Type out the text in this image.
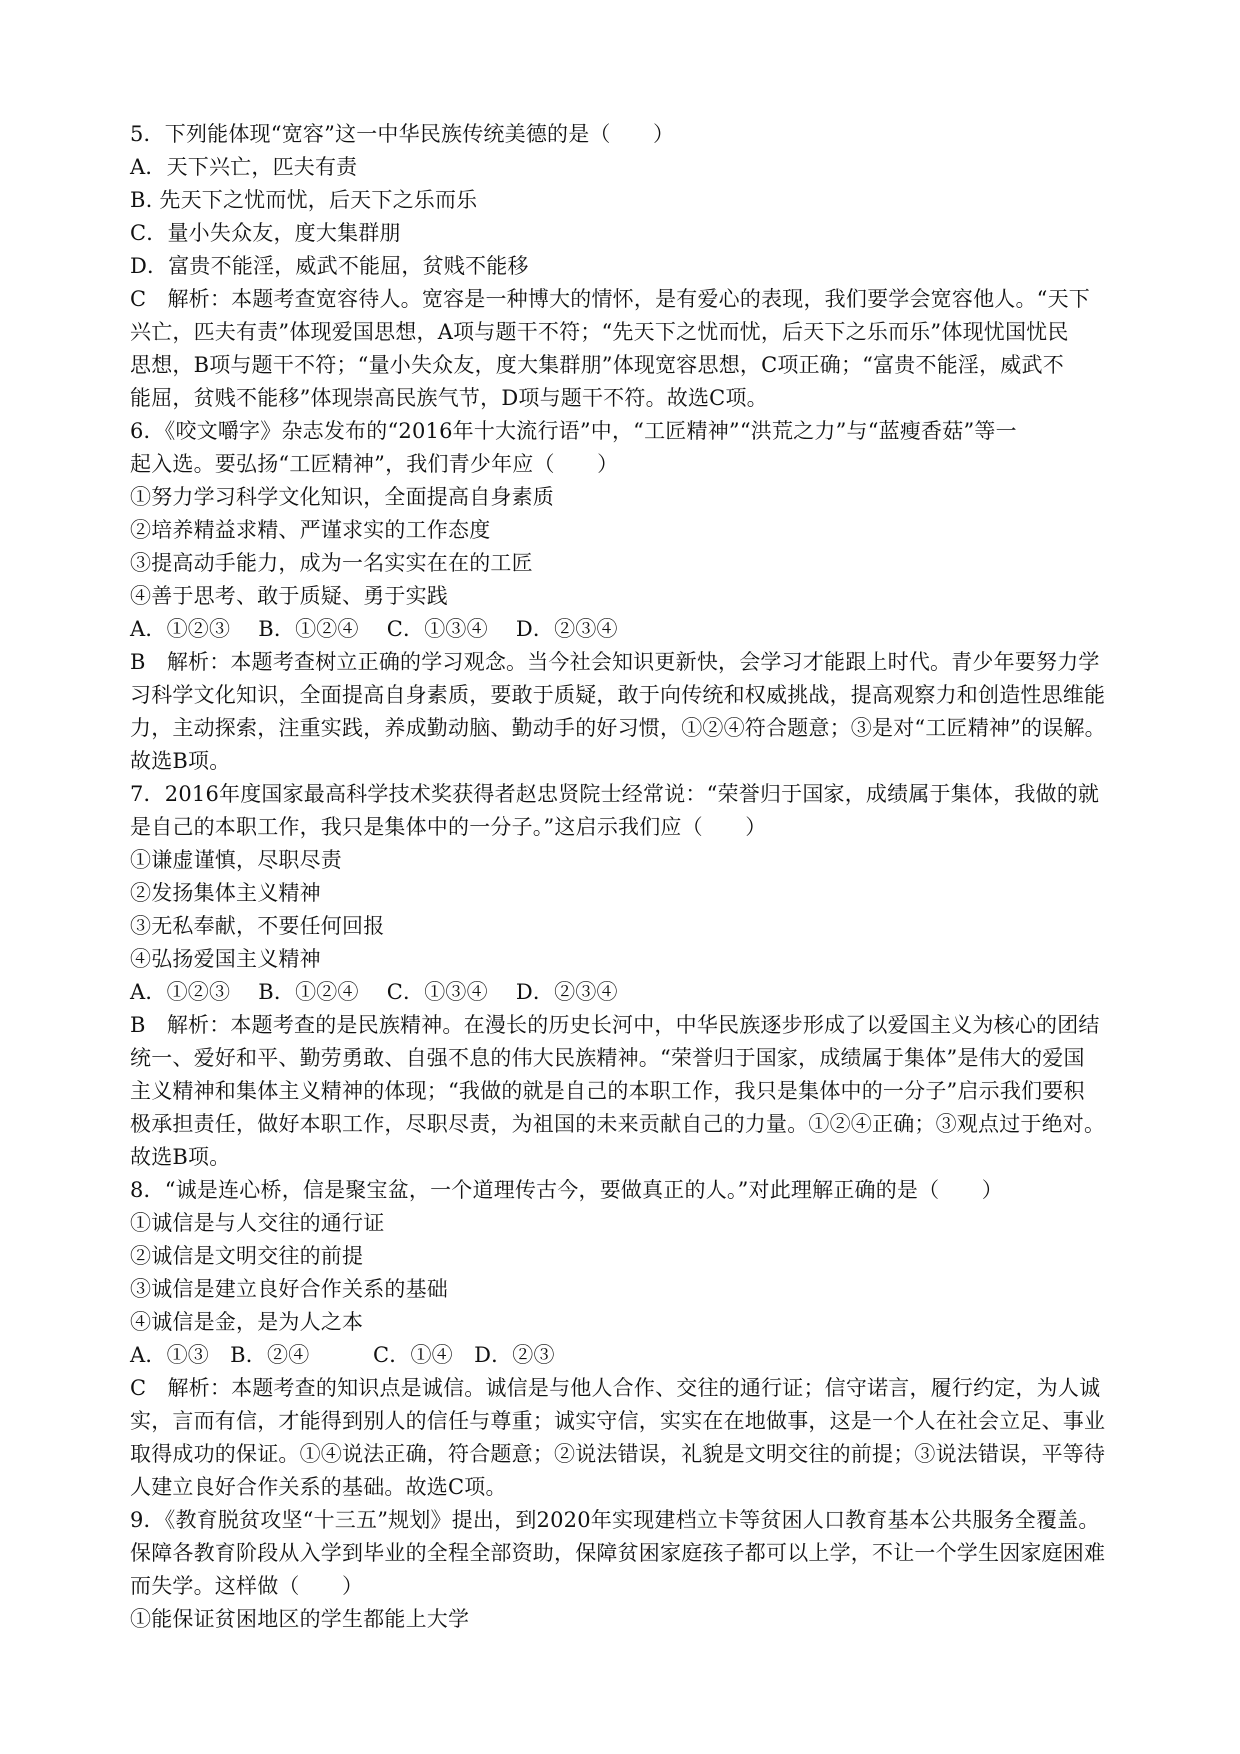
5．下列能体现“宽容”这一中华民族传统美德的是（　　）
A．天下兴亡，匹夫有责
B. 先天下之忧而忧，后天下之乐而乐
C．量小失众友，度大集群朋
D．富贵不能淫，威武不能屈，贫贱不能移
C　解析：本题考查宽容待人。宽容是一种博大的情怀，是有爱心的表现，我们要学会宽容他人。“天下
兴亡，匹夫有责”体现爱国思想，A项与题干不符；“先天下之忧而忧，后天下之乐而乐”体现忧国忧民
思想，B项与题干不符；“量小失众友，度大集群朋”体现宽容思想，C项正确；“富贵不能淫，威武不
能屈，贫贱不能移”体现崇高民族气节，D项与题干不符。故选C项。
6．《咬文嚼字》杂志发布的“2016年十大流行语”中，“工匠精神”“洪荒之力”与“蓝瘦香菇”等一
起入选。要弘扬“工匠精神”，我们青少年应（　　）
①努力学习科学文化知识，全面提高自身素质
②培养精益求精、严谨求实的工作态度
③提高动手能力，成为一名实实在在的工匠
④善于思考、敢于质疑、勇于实践
A．①②③　 B．①②④　 C．①③④　 D．②③④
B　解析：本题考查树立正确的学习观念。当今社会知识更新快，会学习才能跟上时代。青少年要努力学
习科学文化知识，全面提高自身素质，要敢于质疑，敢于向传统和权威挑战，提高观察力和创造性思维能
力，主动探索，注重实践，养成勤动脑、勤动手的好习惯，①②④符合题意；③是对“工匠精神”的误解。
故选B项。
7．2016年度国家最高科学技术奖获得者赵忠贤院士经常说：“荣誉归于国家，成绩属于集体，我做的就
是自己的本职工作，我只是集体中的一分子。”这启示我们应（　　）
①谦虚谨慎，尽职尽责
②发扬集体主义精神
③无私奉献，不要任何回报
④弘扬爱国主义精神
A．①②③　 B．①②④　 C．①③④　 D．②③④
B　解析：本题考查的是民族精神。在漫长的历史长河中，中华民族逐步形成了以爱国主义为核心的团结
统一、爱好和平、勤劳勇敢、自强不息的伟大民族精神。“荣誉归于国家，成绩属于集体”是伟大的爱国
主义精神和集体主义精神的体现；“我做的就是自己的本职工作，我只是集体中的一分子”启示我们要积
极承担责任，做好本职工作，尽职尽责，为祖国的未来贡献自己的力量。①②④正确；③观点过于绝对。
故选B项。
8．“诚是连心桥，信是聚宝盆，一个道理传古今，要做真正的人。”对此理解正确的是（　　）
①诚信是与人交往的通行证
②诚信是文明交往的前提
③诚信是建立良好合作关系的基础
④诚信是金，是为人之本
A．①③　B．②④　　　C．①④　D．②③
C　解析：本题考查的知识点是诚信。诚信是与他人合作、交往的通行证；信守诺言，履行约定，为人诚
实，言而有信，才能得到别人的信任与尊重；诚实守信，实实在在地做事，这是一个人在社会立足、事业
取得成功的保证。①④说法正确，符合题意；②说法错误，礼貌是文明交往的前提；③说法错误，平等待
人建立良好合作关系的基础。故选C项。
9．《教育脱贫攻坚“十三五”规划》提出，到2020年实现建档立卡等贫困人口教育基本公共服务全覆盖。
保障各教育阶段从入学到毕业的全程全部资助，保障贫困家庭孩子都可以上学，不让一个学生因家庭困难
而失学。这样做（　　）
①能保证贫困地区的学生都能上大学
